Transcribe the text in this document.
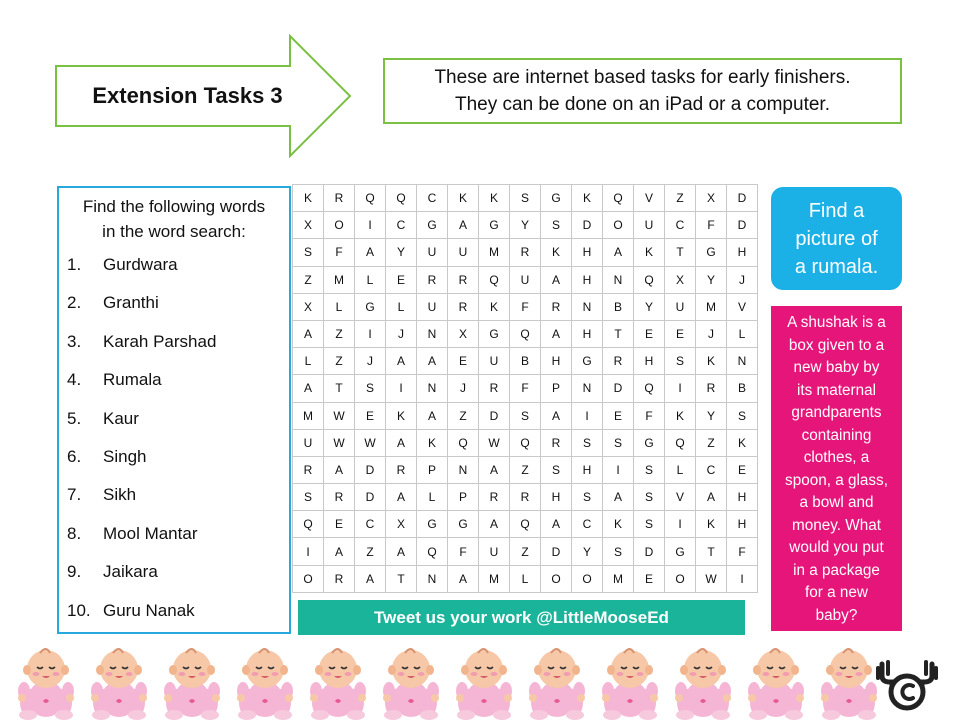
Extension Tasks 3
These are internet based tasks for early finishers.
They can be done on an iPad or a computer.
Find the following words
in the word search:
1. Gurdwara
2. Granthi
3. Karah Parshad
4. Rumala
5. Kaur
6. Singh
7. Sikh
8. Mool Mantar
9. Jaikara
10. Guru Nanak
K	R	Q	Q	C	K	K	S	G	K	Q	V	Z	X	D
X	O	I	C	G	A	G	Y	S	D	O	U	C	F	D
S	F	A	Y	U	U	M	R	K	H	A	K	T	G	H
Z	M	L	E	R	R	Q	U	A	H	N	Q	X	Y	J
X	L	G	L	U	R	K	F	R	N	B	Y	U	M	V
A	Z	I	J	N	X	G	Q	A	H	T	E	E	J	L
L	Z	J	A	A	E	U	B	H	G	R	H	S	K	N
A	T	S	I	N	J	R	F	P	N	D	Q	I	R	B
M	W	E	K	A	Z	D	S	A	I	E	F	K	Y	S
U	W	W	A	K	Q	W	Q	R	S	S	G	Q	Z	K
R	A	D	R	P	N	A	Z	S	H	I	S	L	C	E
S	R	D	A	L	P	R	R	H	S	A	S	V	A	H
Q	E	C	X	G	G	A	Q	A	C	K	S	I	K	H
I	A	Z	A	Q	F	U	Z	D	Y	S	D	G	T	F
O	R	A	T	N	A	M	L	O	O	M	E	O	W	I
Tweet us your work @LittleMooseEd
Find a
picture of
a rumala.
A shushak is a
box given to a
new baby by
its maternal
grandparents
containing
clothes, a
spoon, a glass,
a bowl and
money. What
would you put
in a package
for a new
baby?
